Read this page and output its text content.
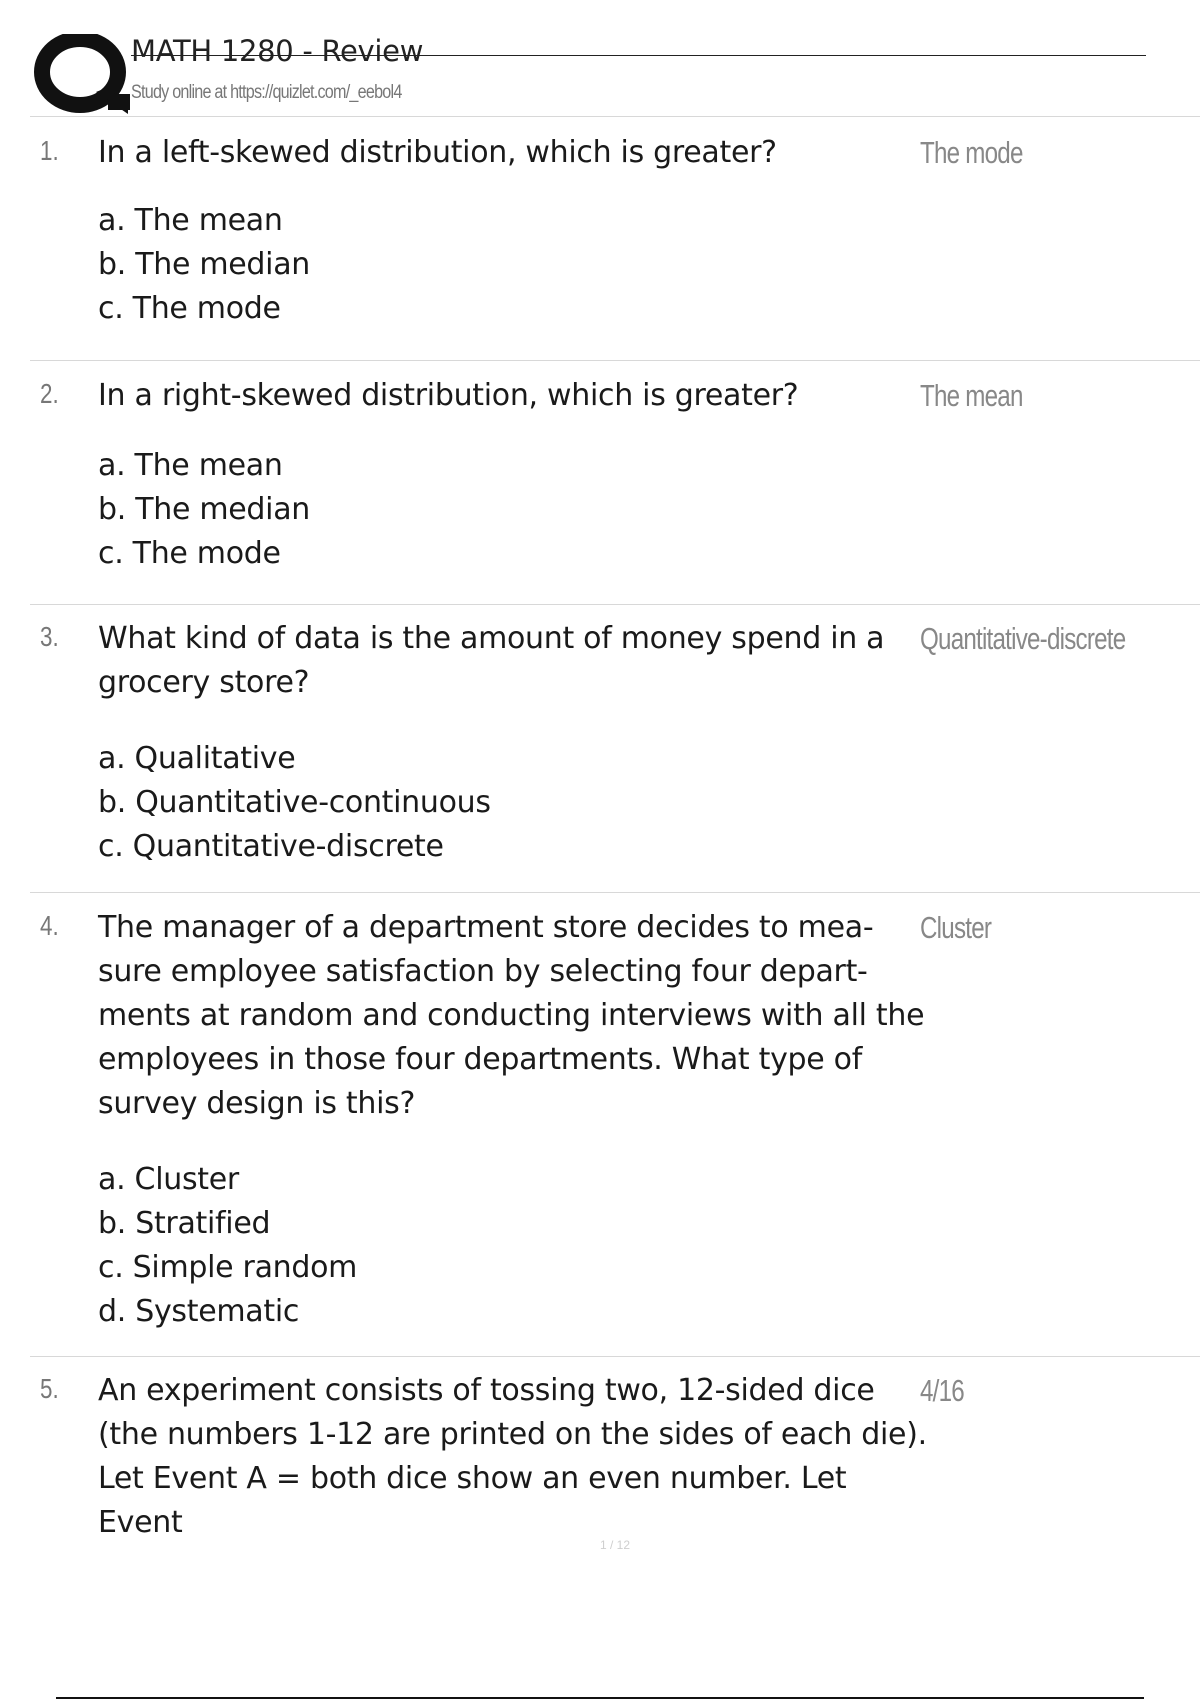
MATH 1280 - Review
Study online at https://quizlet.com/_eebol4
1. In a left-skewed distribution, which is greater?	The mode
a. The mean
b. The median
c. The mode
2. In a right-skewed distribution, which is greater?	The mean
a. The mean
b. The median
c. The mode
3. What kind of data is the amount of money spend in a grocery store?
Quantitative-discrete
a. Qualitative
b. Quantitative-continuous
c. Quantitative-discrete
4. The manager of a department store decides to mea- sure employee satisfaction by selecting four depart- ments at random and conducting interviews with all the employees in those four departments. What type of survey design is this?
Cluster
a. Cluster
b. Stratified
c. Simple random
d. Systematic
5. An experiment consists of tossing two, 12-sided dice (the numbers 1-12 are printed on the sides of each die). Let Event A = both dice show an even number. Let Event
4/16
1 / 12
